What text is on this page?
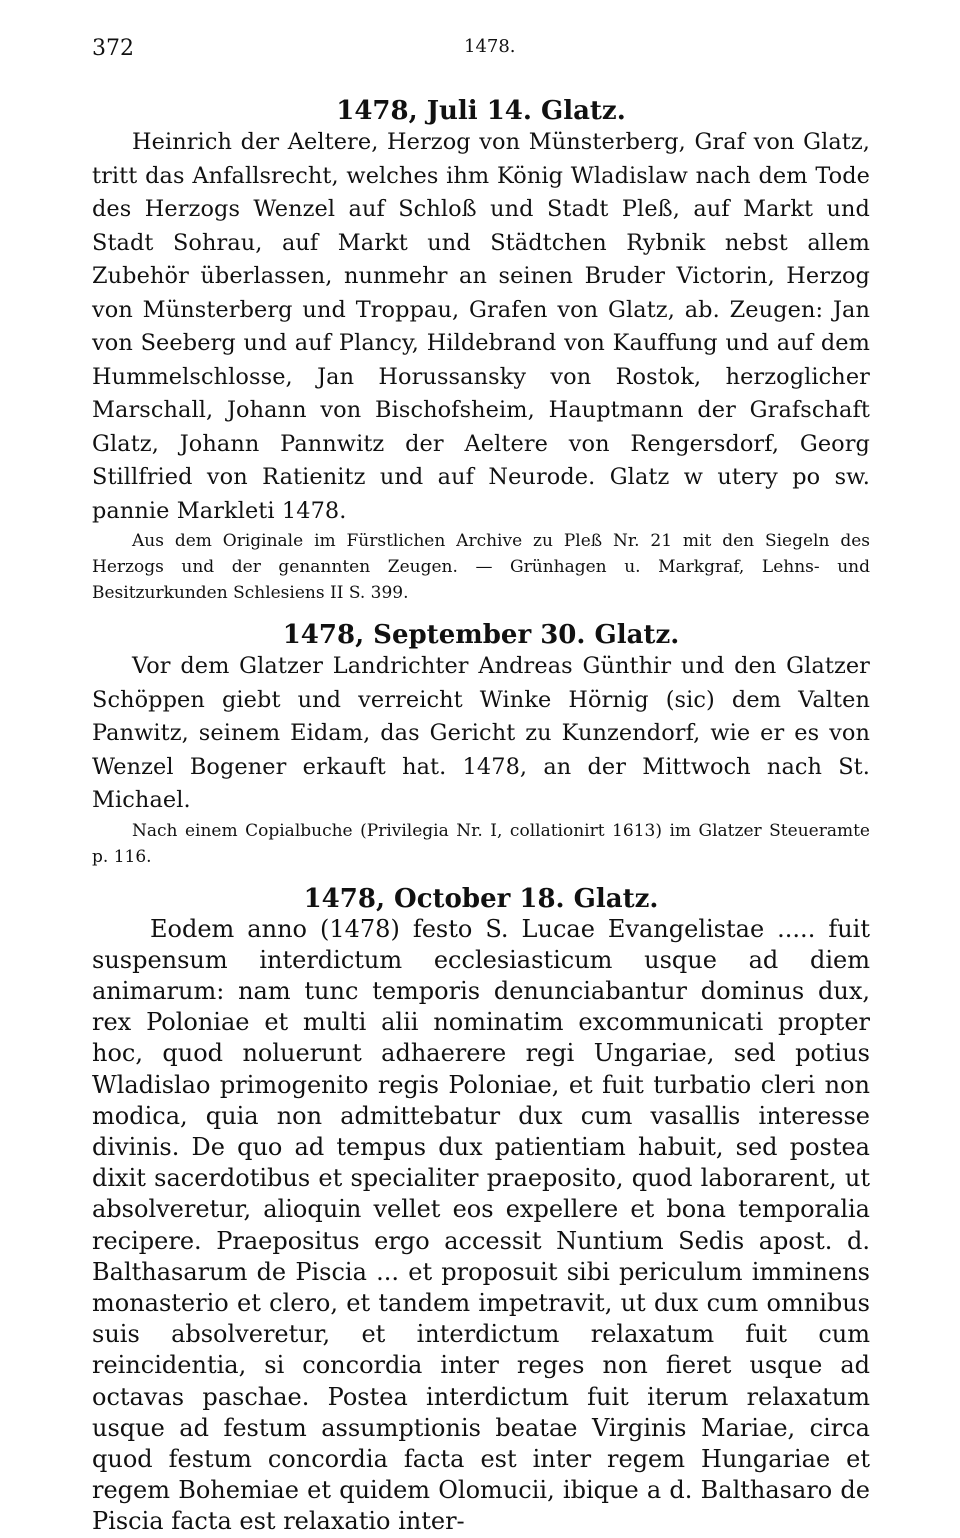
372	1478.
1478, Juli 14. Glatz.

Heinrich der Aeltere, Herzog von Münsterberg, Graf von Glatz, tritt das Anfallsrecht, welches ihm König Wladislaw nach dem Tode des Herzogs Wenzel auf Schloß und Stadt Pleß, auf Markt und Stadt Sohrau, auf Markt und Städtchen Rybnik nebst allem Zubehör überlassen, nunmehr an seinen Bruder Victorin, Herzog von Münsterberg und Troppau, Grafen von Glatz, ab. Zeugen: Jan von Seeberg und auf Plancy, Hildebrand von Kauffung und auf dem Hummelschlosse, Jan Horussansky von Rostok, herzoglicher Marschall, Johann von Bischofsheim, Hauptmann der Grafschaft Glatz, Johann Pannwitz der Aeltere von Rengersdorf, Georg Stillfried von Ratienitz und auf Neurode. Glatz w utery po sw. pannie Markleti 1478.

Aus dem Originale im Fürstlichen Archive zu Pleß Nr. 21 mit den Siegeln des Herzogs und der genannten Zeugen. — Grünhagen u. Markgraf, Lehns- und Besitzurkunden Schlesiens II S. 399.

1478, September 30. Glatz.

Vor dem Glatzer Landrichter Andreas Günthir und den Glatzer Schöppen giebt und verreicht Winke Hörnig (sic) dem Valten Panwitz, seinem Eidam, das Gericht zu Kunzendorf, wie er es von Wenzel Bogener erkauft hat. 1478, an der Mittwoch nach St. Michael.

Nach einem Copialbuche (Privilegia Nr. I, collationirt 1613) im Glatzer Steueramte p. 116.

1478, October 18. Glatz.

Eodem anno (1478) festo S. Lucae Evangelistae ..... fuit suspensum interdictum ecclesiasticum usque ad diem animarum: nam tunc temporis denunciabantur dominus dux, rex Poloniae et multi alii nominatim excommunicati propter hoc, quod noluerunt adhaerere regi Ungariae, sed potius Wladislao primogenito regis Poloniae, et fuit turbatio cleri non modica, quia non admittebatur dux cum vasallis interesse divinis. De quo ad tempus dux patientiam habuit, sed postea dixit sacerdotibus et specialiter praeposito, quod laborarent, ut absolveretur, alioquin vellet eos expellere et bona temporalia recipere. Praepositus ergo accessit Nuntium Sedis apost. d. Balthasarum de Piscia ... et proposuit sibi periculum imminens monasterio et clero, et tandem impetravit, ut dux cum omnibus suis absolveretur, et interdictum relaxatum fuit cum reincidentia, si concordia inter reges non fieret usque ad octavas paschae. Postea interdictum fuit iterum relaxatum usque ad festum assumptionis beatae Virginis Mariae, circa quod festum concordia facta est inter regem Hungariae et regem Bohemiae et quidem Olomucii, ibique a d. Balthasaro de Piscia facta est relaxatio inter-
